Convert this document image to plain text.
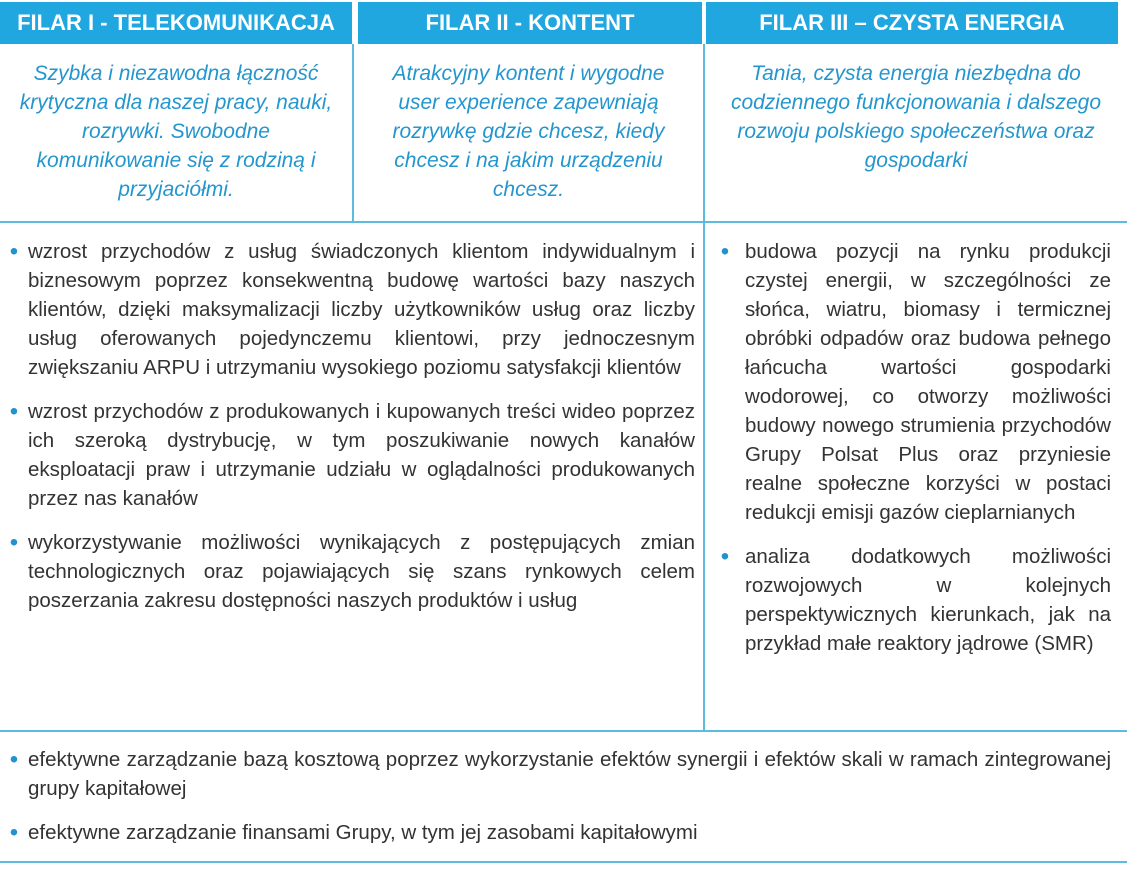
FILAR I - TELEKOMUNIKACJA	FILAR II - KONTENT	FILAR III – CZYSTA ENERGIA
Szybka i niezawodna łączność krytyczna dla naszej pracy, nauki, rozrywki. Swobodne komunikowanie się z rodziną i przyjaciółmi.
Atrakcyjny kontent i wygodne user experience zapewniają rozrywkę gdzie chcesz, kiedy chcesz i na jakim urządzeniu chcesz.
Tania, czysta energia niezbędna do codziennego funkcjonowania i dalszego rozwoju polskiego społeczeństwa oraz gospodarki
• wzrost przychodów z usług świadczonych klientom indywidualnym i biznesowym poprzez konsekwentną budowę wartości bazy naszych klientów, dzięki maksymalizacji liczby użytkowników usług oraz liczby usług oferowanych pojedynczemu klientowi, przy jednoczesnym zwiększaniu ARPU i utrzymaniu wysokiego poziomu satysfakcji klientów
• wzrost przychodów z produkowanych i kupowanych treści wideo poprzez ich szeroką dystrybucję, w tym poszukiwanie nowych kanałów eksploatacji praw i utrzymanie udziału w oglądalności produkowanych przez nas kanałów
• wykorzystywanie możliwości wynikających z postępujących zmian technologicznych oraz pojawiających się szans rynkowych celem poszerzania zakresu dostępności naszych produktów i usług
• budowa pozycji na rynku produkcji czystej energii, w szczególności ze słońca, wiatru, biomasy i termicznej obróbki odpadów oraz budowa pełnego łańcucha wartości gospodarki wodorowej, co otworzy możliwości budowy nowego strumienia przychodów Grupy Polsat Plus oraz przyniesie realne społeczne korzyści w postaci redukcji emisji gazów cieplarnianych
• analiza dodatkowych możliwości rozwojowych w kolejnych perspektywicznych kierunkach, jak na przykład małe reaktory jądrowe (SMR)
• efektywne zarządzanie bazą kosztową poprzez wykorzystanie efektów synergii i efektów skali w ramach zintegrowanej grupy kapitałowej
• efektywne zarządzanie finansami Grupy, w tym jej zasobami kapitałowymi
